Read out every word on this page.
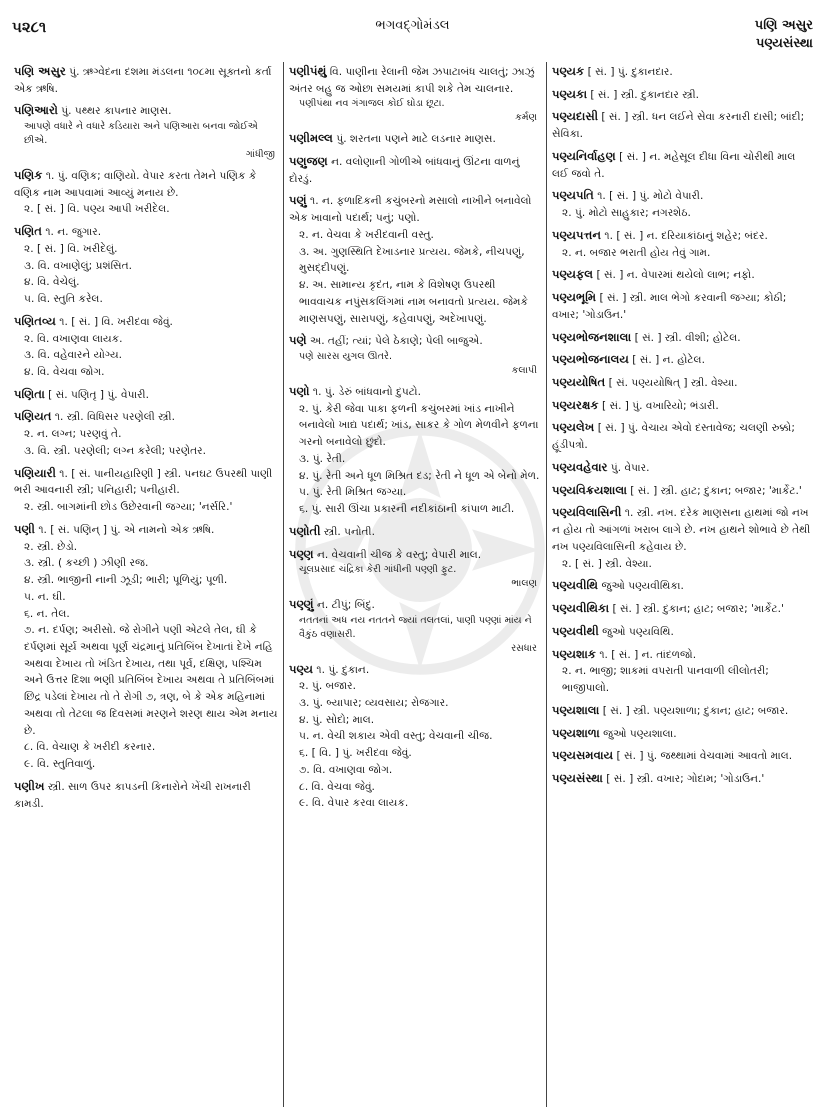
૫૨૮૧	ભગવદ્ગોમંડલ	પણિ અસુર
પણ્યસંસ્થા
પણિ અસુર પું. ઋગ્વેદના દશમા મંડલના ૧૦૮મા સૂક્તનો કર્તા એક ઋષિ.
પણિઆરો પું. પથ્થર કાપનાર માણસ.
આપણે વધારે ને વધારે કડિયારા અને પણિઆરા બનવા જોઈએ છીએ.
ગાંધીજી
પણિક ૧. પું. વણિક; વાણિયો. વેપાર કરતા તેમને પણિક કે વણિક નામ આપવામાં આવ્યું મનાય છે.
૨. [ સં. ] વિ. પણ્ય આપી ખરીદેલ.
પણિત ૧. ન. જુગાર.
૨. [ સં. ] વિ. ખરીદેલું.
૩. વિ. વખાણેલું; પ્રશંસિત.
૪. વિ. વેચેલું.
૫. વિ. સ્તુતિ કરેલ.
પણિતવ્ય ૧. [ સં. ] વિ. ખરીદવા જેવું.
૨. વિ. વખાણવા લાયક.
૩. વિ. વહેવારને યોગ્ય.
૪. વિ. વેચવા જોગ.
પણિતા [ સં. પણિતૃ ] પું. વેપારી.
પણિયત ૧. સ્ત્રી. વિધિસર પરણેલી સ્ત્રી.
૨. ન. લગ્ન; પરણવું તે.
૩. વિ. સ્ત્રી. પરણેલી; લગ્ન કરેલી; પરણેતર.
પણિયારી ૧. [ સં. પાનીયહારિણી ] સ્ત્રી. પનઘટ ઉપરથી પાણી ભરી આવનારી સ્ત્રી; પનિહારી; પનીહારી.
૨. સ્ત્રી. બાગમાંની છોડ ઉછેરવાની જગ્યા; 'નર્સરિ.'
પણી ૧. [ સં. પણિન્ ] પું. એ નામનો એક ઋષિ.
૨. સ્ત્રી. છેડો.
૩. સ્ત્રી. ( કચ્છી ) ઝીણી રજ.
૪. સ્ત્રી. ભાજીની નાની ઝૂડી; ભારી; પૂળિયું; પૂળી.
૫. ન. ઘી.
૬. ન. તેલ.
૭. ન. દર્પણ; અરીસો. જે રોગીને પણી એટલે તેલ, ઘી કે દર્પણમાં સૂર્ય અથવા પૂર્ણ ચંદ્રમાનું પ્રતિબિંબ દેખાતાં દેખે નહિ અથવા દેખાય તો ખંડિત દેખાય, તથા પૂર્વ, દક્ષિણ, પશ્ચિમ અને ઉત્તર દિશા ભણી પ્રતિબિંબ દેખાય અથવા તે પ્રતિબિંબમાં છિદ્ર પડેલાં દેખાય તો તે રોગી ૭, ત્રણ, બે કે એક મહિનામાં અથવા તો તેટલા જ દિવસમાં મરણને શરણ થાય એમ મનાય છે.
૮. વિ. વેચાણ કે ખરીદી કરનાર.
૯. વિ. સ્તુતિવાળું.
પણીખ સ્ત્રી. સાળ ઉપર કાપડની કિનારોને ખેંચી રાખનારી કામડી.
પણીપંથું વિ. પાણીના રેલાની જેમ ઝપાટાબંધ ચાલતું; ઝાઝું અંતર બહુ જ ઓછા સમયમાં કાપી શકે તેમ ચાલનાર.
પણીપંથા નવ ગંગાજલ કોઈ ઘોડા છૂટા.
કર્મણ
પણીમલ્લ પું. શરતના પણને માટે લડનાર માણસ.
પણુજણ ન. વલોણાની ગોળીએ બાંધવાનું ઊંટના વાળનું દોરડું.
પણું ૧. ન. ફળાદિકની કચુંબરનો મસાલો નાખીને બનાવેલો એક ખાવાનો પદાર્થ; પનું; પણો.
૨. ન. વેચવા કે ખરીદવાની વસ્તુ.
૩. અ. ગુણસ્થિતિ દેખાડનાર પ્રત્યય. જેમકે, નીચપણું, મુસદ્દીપણું.
૪. અ. સામાન્ય કૃદંત, નામ કે વિશેષણ ઉપરથી ભાવવાચક નપુંસકલિંગમાં નામ બનાવતો પ્રત્યય. જેમકે માણસપણું, સારાપણું, કહેવાપણું, અદેખાપણું.
પણે અ. તહીં; ત્યાં; પેલે ઠેકાણે; પેલી બાજુએ.
પણે સારસ યુગલ ઊતરે.
કલાપી
પણો ૧. પું. ડેરું બાંધવાનો દુપટો.
૨. પું. કેરી જેવા પાકા ફળની કચુંબરમાં ખાંડ નાખીને બનાવેલો ખાદ્ય પદાર્થ; ખાંડ, સાકર કે ગોળ મેળવીને ફળના ગરનો બનાવેલો છુંદો.
૩. પું. રેતી.
૪. પું. રેતી અને ધૂળ મિશ્રિત દડ; રેતી ને ધૂળ એ બેનો મેળ.
૫. પું. રેતી મિશ્રિત જગ્યા.
૬. પું. સારી ઊંચા પ્રકારની નદીકાંઠાની કાંપાળ માટી.
પણોતી સ્ત્રી. પનોતી.
પણ્ણ ન. વેચવાની ચીજ કે વસ્તુ; વેપારી માલ.
ચૂલપ્રસાદ ચંદ્રિકા કેરી ગાંધીની પણ્ણી ફુટ.
ભાલણ
પણ્ણું ન. ટીપું; બિંદુ.
નતતનાં અધ નય નતતને જ્યાં તલતલાં, પાણી પણ્ણાં માંય ને વૈકુંઠ વણાસરી.
રસધાર
પણ્ય ૧. પું. દુકાન.
૨. પું. બજાર.
૩. પું. બ્યાપાર; વ્યવસાય; રોજગાર.
૪. પું. સોદો; માલ.
૫. ન. વેચી શકાય એવી વસ્તુ; વેચવાની ચીજ.
૬. [ વિ. ] પું. ખરીદવા જેવું.
૭. વિ. વખાણવા જોગ.
૮. વિ. વેચવા જેવું.
૯. વિ. વેપાર કરવા લાયક.
પણ્યક [ સં. ] પું. દુકાનદાર.
પણ્યકા [ સં. ] સ્ત્રી. દુકાનદાર સ્ત્રી.
પણ્યદાસી [ સં. ] સ્ત્રી. ધન લઈને સેવા કરનારી દાસી; બાંદી; સેવિકા.
પણ્યનિર્વાહણ [ સં. ] ન. મહેસૂલ દીધા વિના ચોરીથી માલ લઈ જવો તે.
પણ્યપતિ ૧. [ સં. ] પું. મોટો વેપારી.
૨. પું. મોટો સાહુકાર; નગરશેઠ.
પણ્યપત્તન ૧. [ સં. ] ન. દરિયાકાંઠાનું શહેર; બંદર.
૨. ન. બજાર ભરાતી હોય તેવું ગામ.
પણ્યફલ [ સં. ] ન. વેપારમાં થયેલો લાભ; નફો.
પણ્યભૂમિ [ સં. ] સ્ત્રી. માલ ભેગો કરવાની જગ્યા; કોઠી; વખાર; 'ગોડાઉન.'
પણ્યભોજનશાલા [ સં. ] સ્ત્રી. વીશી; હોટેલ.
પણ્યભોજનાલય [ સં. ] ન. હોટેલ.
પણ્યયોષિત [ સં. પણ્યયોષિત્ ] સ્ત્રી. વેશ્યા.
પણ્યરક્ષક [ સં. ] પું. વખારિયો; ભંડારી.
પણ્યલેખ [ સં. ] પું. વેચાય એવો દસ્તાવેજ; ચલણી રુક્કો; હૂંડીપત્રો.
પણ્યવહેવાર પું. વેપાર.
પણ્યવિક્રયશાલા [ સં. ] સ્ત્રી. હાટ; દુકાન; બજાર; 'માર્કેટ.'
પણ્યવિલાસિની ૧. સ્ત્રી. નખ. દરેક માણસના હાથમાં જો નખ ન હોય તો આંગળાં ખરાબ લાગે છે. નખ હાથને શોભાવે છે તેથી નખ પણ્યવિલાસિની કહેવાય છે.
૨. [ સં. ] સ્ત્રી. વેશ્યા.
પણ્યવીથિ જુઓ પણ્યવીથિકા.
પણ્યવીથિકા [ સં. ] સ્ત્રી. દુકાન; હાટ; બજાર; 'માર્કેટ.'
પણ્યવીથી જુઓ પણ્યવિથિ.
પણ્યશાક ૧. [ સં. ] ન. તાંદળજો.
૨. ન. ભાજી; શાકમાં વપરાતી પાનવાળી લીલોતરી; ભાજીપાલો.
પણ્યશાલા [ સં. ] સ્ત્રી. પણ્યશાળા; દુકાન; હાટ; બજાર.
પણ્યશાળા જુઓ પણ્યશાલા.
પણ્યસમવાય [ સં. ] પું. જથ્થામાં વેચવામાં આવતો માલ.
પણ્યસંસ્થા [ સં. ] સ્ત્રી. વખાર; ગોદામ; 'ગોડાઉન.'
